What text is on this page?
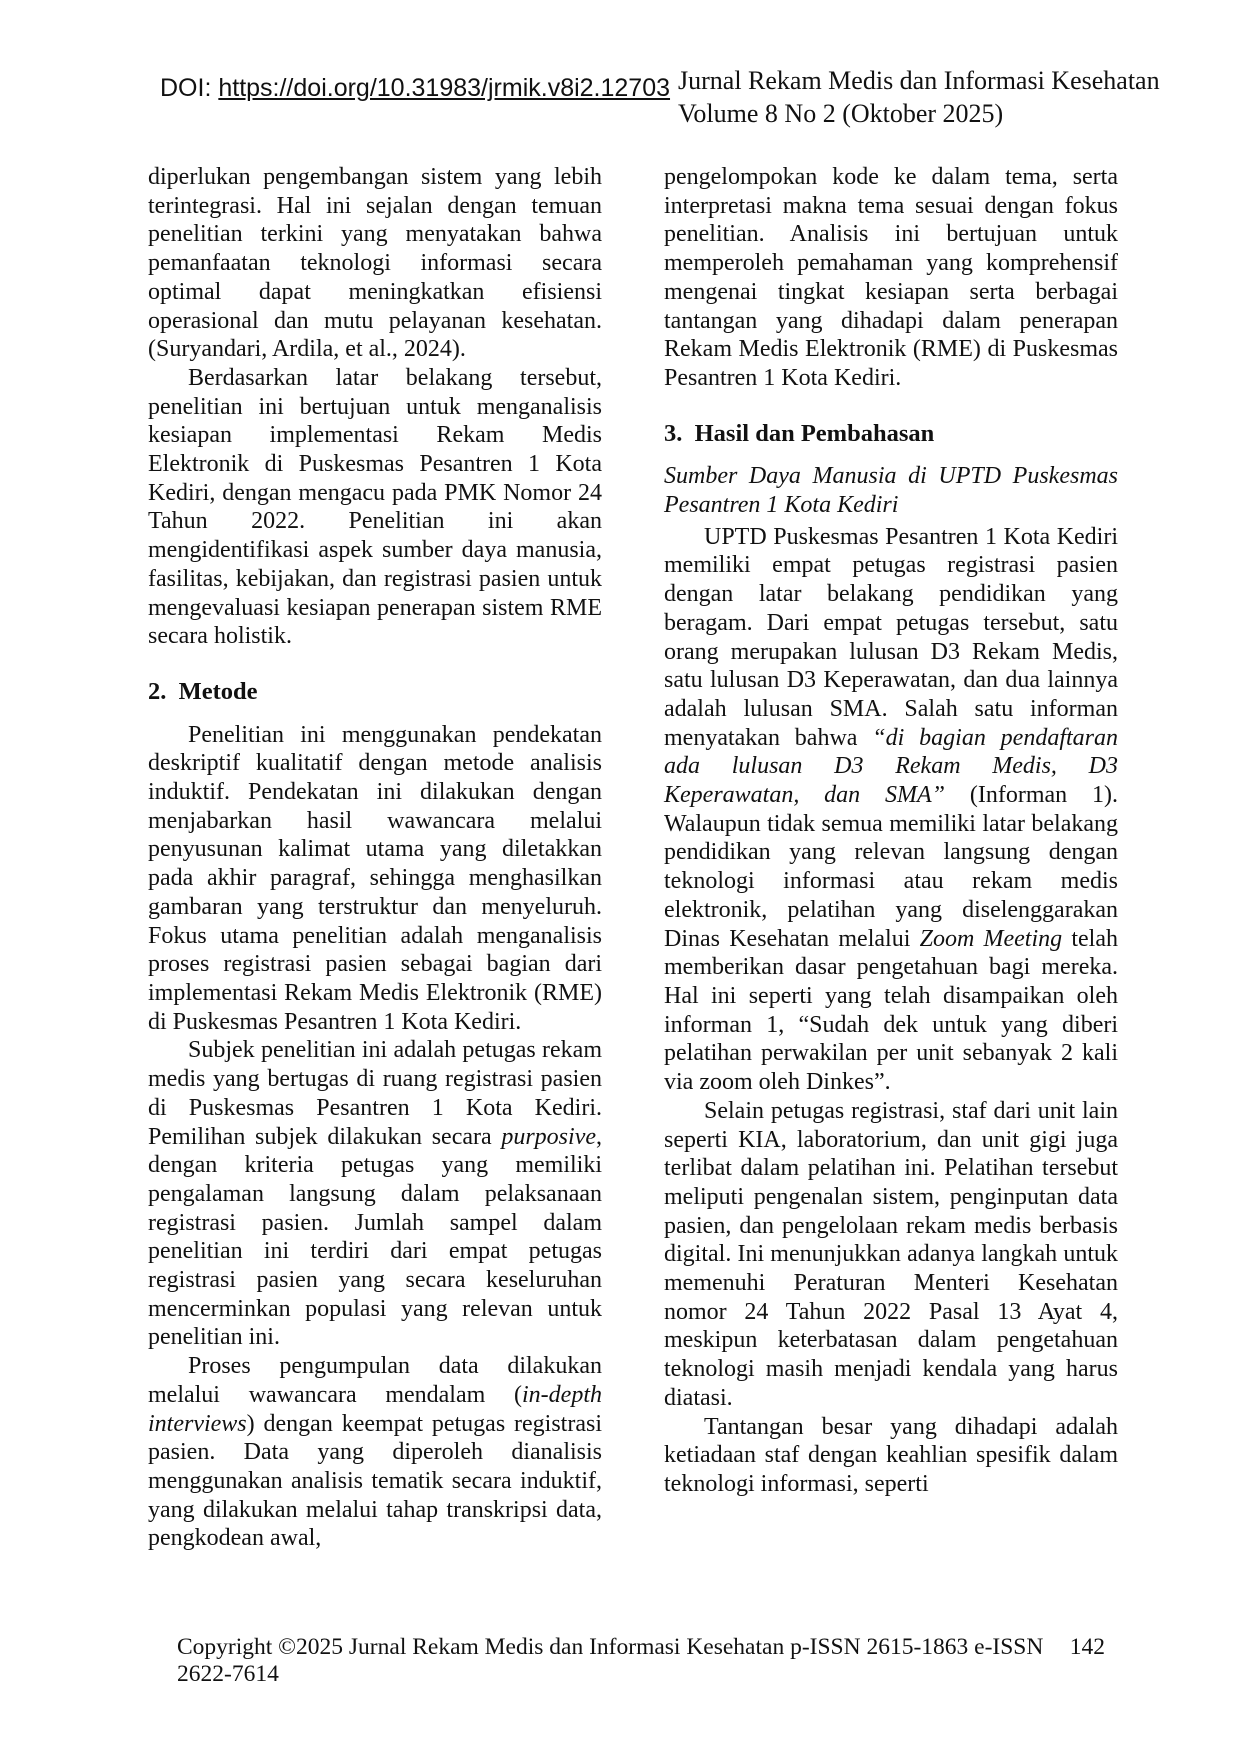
DOI: https://doi.org/10.31983/jrmik.v8i2.12703 Jurnal Rekam Medis dan Informasi Kesehatan
Volume 8 No 2 (Oktober 2025)

diperlukan pengembangan sistem yang lebih terintegrasi. Hal ini sejalan dengan temuan penelitian terkini yang menyatakan bahwa pemanfaatan teknologi informasi secara optimal dapat meningkatkan efisiensi operasional dan mutu pelayanan kesehatan. (Suryandari, Ardila, et al., 2024).

Berdasarkan latar belakang tersebut, penelitian ini bertujuan untuk menganalisis kesiapan implementasi Rekam Medis Elektronik di Puskesmas Pesantren 1 Kota Kediri, dengan mengacu pada PMK Nomor 24 Tahun 2022. Penelitian ini akan mengidentifikasi aspek sumber daya manusia, fasilitas, kebijakan, dan registrasi pasien untuk mengevaluasi kesiapan penerapan sistem RME secara holistik.

2.  Metode

Penelitian ini menggunakan pendekatan deskriptif kualitatif dengan metode analisis induktif. Pendekatan ini dilakukan dengan menjabarkan hasil wawancara melalui penyusunan kalimat utama yang diletakkan pada akhir paragraf, sehingga menghasilkan gambaran yang terstruktur dan menyeluruh. Fokus utama penelitian adalah menganalisis proses registrasi pasien sebagai bagian dari implementasi Rekam Medis Elektronik (RME) di Puskesmas Pesantren 1 Kota Kediri.

Subjek penelitian ini adalah petugas rekam medis yang bertugas di ruang registrasi pasien di Puskesmas Pesantren 1 Kota Kediri. Pemilihan subjek dilakukan secara purposive, dengan kriteria petugas yang memiliki pengalaman langsung dalam pelaksanaan registrasi pasien. Jumlah sampel dalam penelitian ini terdiri dari empat petugas registrasi pasien yang secara keseluruhan mencerminkan populasi yang relevan untuk penelitian ini.

Proses pengumpulan data dilakukan melalui wawancara mendalam (in-depth interviews) dengan keempat petugas registrasi pasien. Data yang diperoleh dianalisis menggunakan analisis tematik secara induktif, yang dilakukan melalui tahap transkripsi data, pengkodean awal,

pengelompokan kode ke dalam tema, serta interpretasi makna tema sesuai dengan fokus penelitian. Analisis ini bertujuan untuk memperoleh pemahaman yang komprehensif mengenai tingkat kesiapan serta berbagai tantangan yang dihadapi dalam penerapan Rekam Medis Elektronik (RME) di Puskesmas Pesantren 1 Kota Kediri.

3.  Hasil dan Pembahasan
Sumber Daya Manusia di UPTD Puskesmas Pesantren 1 Kota Kediri

UPTD Puskesmas Pesantren 1 Kota Kediri memiliki empat petugas registrasi pasien dengan latar belakang pendidikan yang beragam. Dari empat petugas tersebut, satu orang merupakan lulusan D3 Rekam Medis, satu lulusan D3 Keperawatan, dan dua lainnya adalah lulusan SMA. Salah satu informan menyatakan bahwa “di bagian pendaftaran ada lulusan D3 Rekam Medis, D3 Keperawatan, dan SMA” (Informan 1). Walaupun tidak semua memiliki latar belakang pendidikan yang relevan langsung dengan teknologi informasi atau rekam medis elektronik, pelatihan yang diselenggarakan Dinas Kesehatan melalui Zoom Meeting telah memberikan dasar pengetahuan bagi mereka. Hal ini seperti yang telah disampaikan oleh informan 1, “Sudah dek untuk yang diberi pelatihan perwakilan per unit sebanyak 2 kali via zoom oleh Dinkes”.

Selain petugas registrasi, staf dari unit lain seperti KIA, laboratorium, dan unit gigi juga terlibat dalam pelatihan ini. Pelatihan tersebut meliputi pengenalan sistem, penginputan data pasien, dan pengelolaan rekam medis berbasis digital. Ini menunjukkan adanya langkah untuk memenuhi Peraturan Menteri Kesehatan nomor 24 Tahun 2022 Pasal 13 Ayat 4, meskipun keterbatasan dalam pengetahuan teknologi masih menjadi kendala yang harus diatasi.

Tantangan besar yang dihadapi adalah ketiadaan staf dengan keahlian spesifik dalam teknologi informasi, seperti

Copyright ©2025 Jurnal Rekam Medis dan Informasi Kesehatan p-ISSN 2615-1863 e-ISSN 2622-7614
142
